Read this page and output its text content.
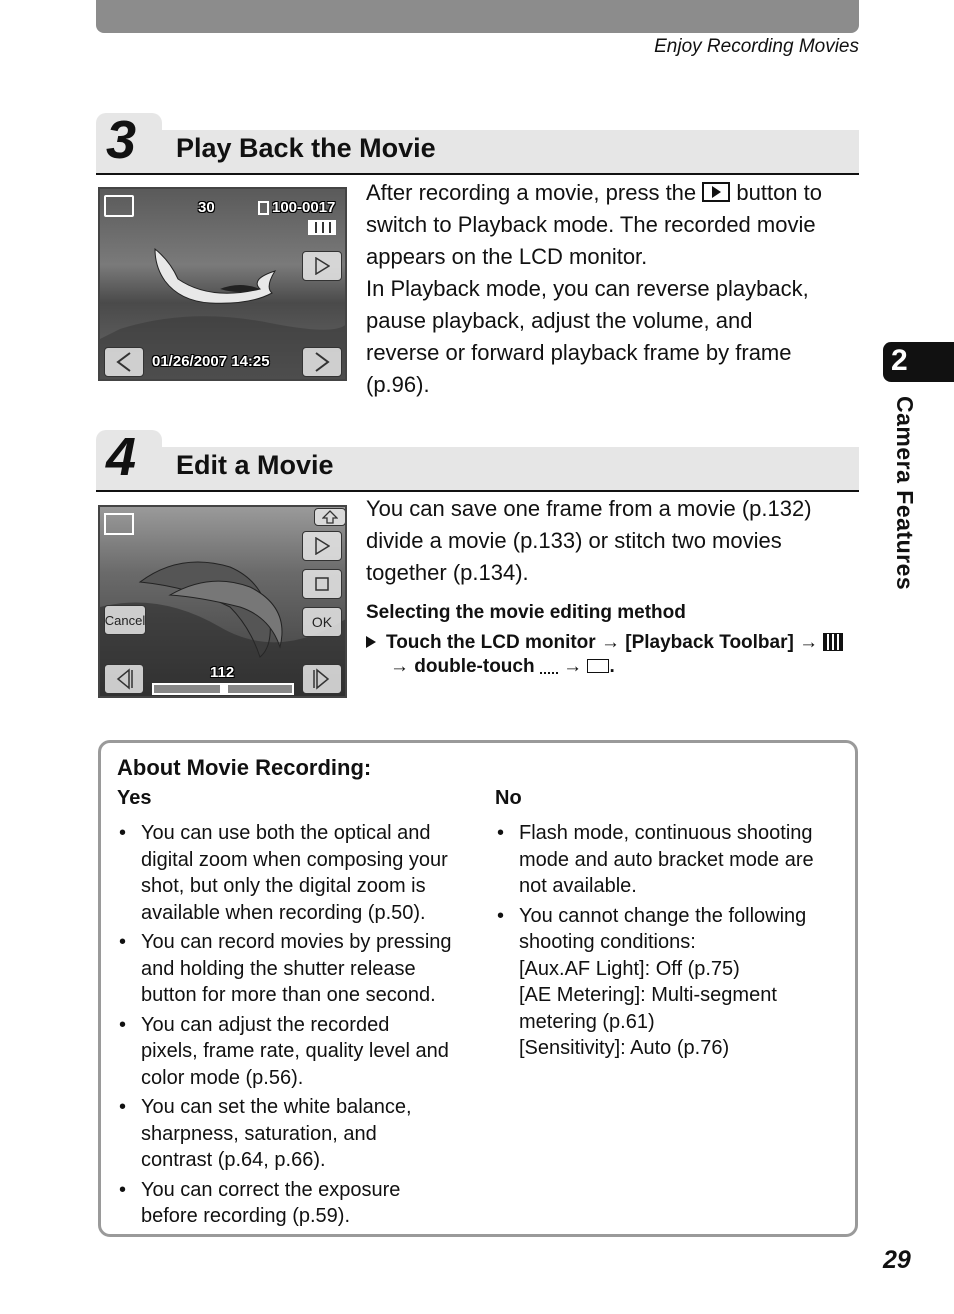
Enjoy Recording Movies
3 Play Back the Movie
30	100-0017
01/26/2007 14:25
After recording a movie, press the
button to
switch to Playback mode. The recorded movie
appears on the LCD monitor.
In Playback mode, you can reverse playback,
pause playback, adjust the volume, and
reverse or forward playback frame by frame
(p.96).
4 Edit a Movie
Cancel	OK
112
You can save one frame from a movie (p.132)
divide a movie (p.133) or stitch two movies
together (p.134).
Selecting the movie editing method
Touch the LCD monitor → [Playback Toolbar] →
→ double-touch → .
2
Camera Features
About Movie Recording:
Yes
• You can use both the optical and
digital zoom when composing your
shot, but only the digital zoom is
available when recording (p.50).
• You can record movies by pressing
and holding the shutter release
button for more than one second.
• You can adjust the recorded
pixels, frame rate, quality level and
color mode (p.56).
• You can set the white balance,
sharpness, saturation, and
contrast (p.64, p.66).
• You can correct the exposure
before recording (p.59).
No
• Flash mode, continuous shooting
mode and auto bracket mode are
not available.
• You cannot change the following
shooting conditions:
[Aux.AF Light]: Off (p.75)
[AE Metering]: Multi-segment
metering (p.61)
[Sensitivity]: Auto (p.76)
29
